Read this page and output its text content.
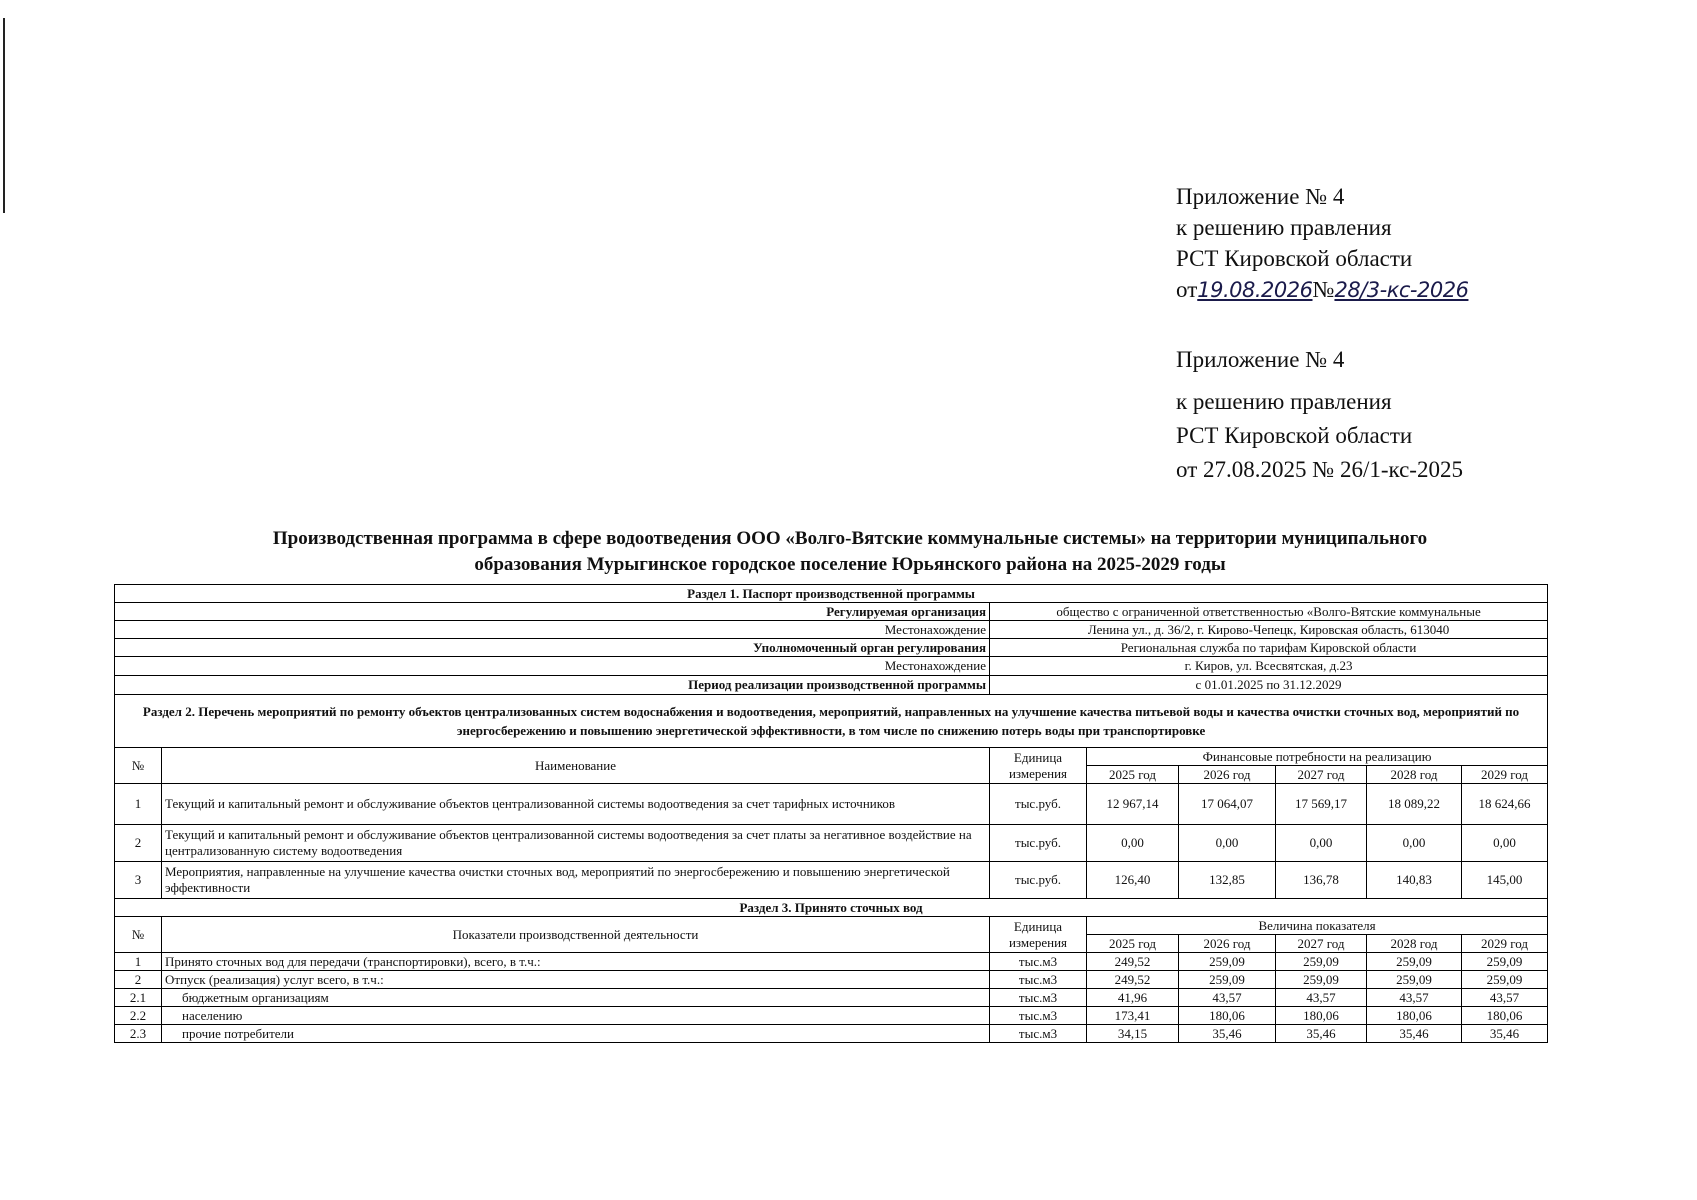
Приложение № 4
к решению правления
РСТ Кировской области
от19.08.2026№28/3-кс-2026
Приложение № 4
к решению правления
РСТ Кировской области
от 27.08.2025 № 26/1-кс-2025
Производственная программа в сфере водоотведения ООО «Волго-Вятские коммунальные системы» на территории муниципального
образования Мурыгинское городское поселение Юрьянского района на 2025-2029 годы
Раздел 1. Паспорт производственной программы							
Регулируемая организация		общество с ограниченной ответственностью «Волго-Вятские коммунальные					
Местонахождение		Ленина ул., д. 36/2, г. Кирово-Чепецк, Кировская область, 613040					
Уполномоченный орган регулирования		Региональная служба по тарифам Кировской области					
Местонахождение		г. Киров, ул. Всесвятская, д.23					
Период реализации производственной программы		с 01.01.2025 по 31.12.2029					
Раздел 2. Перечень мероприятий по ремонту объектов централизованных систем водоснабжения и водоотведения, мероприятий, направленных на улучшение качества питьевой воды и качества очистки сточных вод, мероприятий по энергосбережению и повышению энергетической эффективности, в том числе по снижению потерь воды при транспортировке							
№	Наименование	Единица измерения	Финансовые потребности на реализацию				
			2025 год	2026 год	2027 год	2028 год	2029 год
1	Текущий и капитальный ремонт и обслуживание объектов централизованной системы водоотведения за счет тарифных источников	тыс.руб.	12 967,14	17 064,07	17 569,17	18 089,22	18 624,66
2	Текущий и капитальный ремонт и обслуживание объектов централизованной системы водоотведения за счет платы за негативное воздействие на централизованную систему водоотведения	тыс.руб.	0,00	0,00	0,00	0,00	0,00
3	Мероприятия, направленные на улучшение качества очистки сточных вод, мероприятий по энергосбережению и повышению энергетической эффективности	тыс.руб.	126,40	132,85	136,78	140,83	145,00
Раздел 3. Принято сточных вод							
№	Показатели производственной деятельности	Единица измерения	Величина показателя				
			2025 год	2026 год	2027 год	2028 год	2029 год
1	Принято сточных вод для передачи (транспортировки), всего, в т.ч.:	тыс.м3	249,52	259,09	259,09	259,09	259,09
2	Отпуск (реализация) услуг всего, в т.ч.:	тыс.м3	249,52	259,09	259,09	259,09	259,09
2.1	бюджетным организациям	тыс.м3	41,96	43,57	43,57	43,57	43,57
2.2	населению	тыс.м3	173,41	180,06	180,06	180,06	180,06
2.3	прочие потребители	тыс.м3	34,15	35,46	35,46	35,46	35,46
